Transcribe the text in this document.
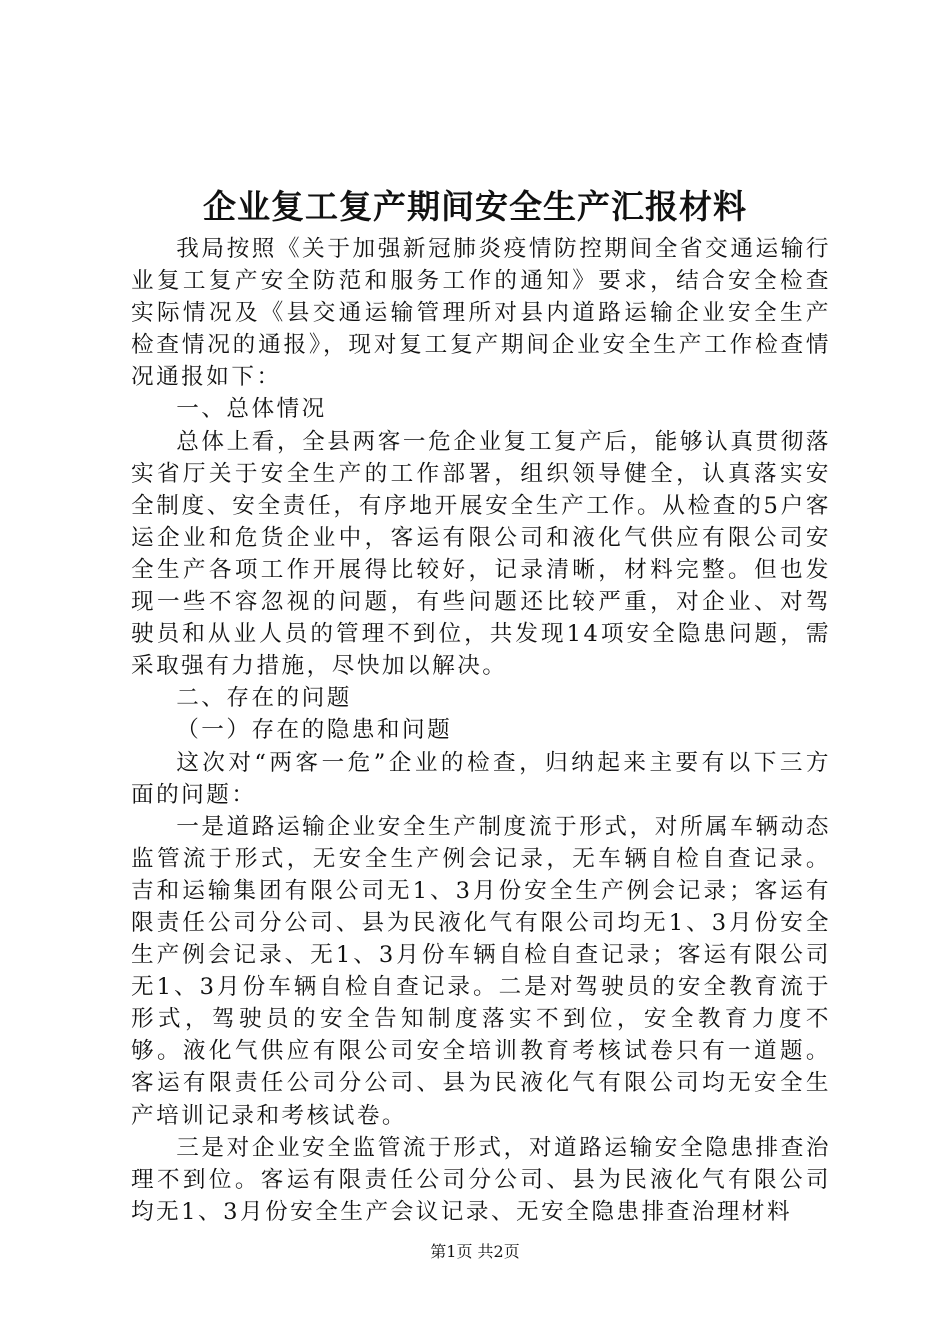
企业复工复产期间安全生产汇报材料

我局按照《关于加强新冠肺炎疫情防控期间全省交通运输行业复工复产安全防范和服务工作的通知》要求，结合安全检查实际情况及《县交通运输管理所对县内道路运输企业安全生产检查情况的通报》，现对复工复产期间企业安全生产工作检查情况通报如下：

一、总体情况

总体上看，全县两客一危企业复工复产后，能够认真贯彻落实省厅关于安全生产的工作部署，组织领导健全，认真落实安全制度、安全责任，有序地开展安全生产工作。从检查的5户客运企业和危货企业中，客运有限公司和液化气供应有限公司安全生产各项工作开展得比较好，记录清晰，材料完整。但也发现一些不容忽视的问题，有些问题还比较严重，对企业、对驾驶员和从业人员的管理不到位，共发现14项安全隐患问题，需采取强有力措施，尽快加以解决。

二、存在的问题

（一）存在的隐患和问题

这次对“两客一危”企业的检查，归纳起来主要有以下三方面的问题：

一是道路运输企业安全生产制度流于形式，对所属车辆动态监管流于形式，无安全生产例会记录，无车辆自检自查记录。吉和运输集团有限公司无1、3月份安全生产例会记录；客运有限责任公司分公司、县为民液化气有限公司均无1、3月份安全生产例会记录、无1、3月份车辆自检自查记录；客运有限公司无1、3月份车辆自检自查记录。二是对驾驶员的安全教育流于形式，驾驶员的安全告知制度落实不到位，安全教育力度不够。液化气供应有限公司安全培训教育考核试卷只有一道题。客运有限责任公司分公司、县为民液化气有限公司均无安全生产培训记录和考核试卷。

三是对企业安全监管流于形式，对道路运输安全隐患排查治理不到位。客运有限责任公司分公司、县为民液化气有限公司均无1、3月份安全生产会议记录、无安全隐患排查治理材料

第1页 共2页
